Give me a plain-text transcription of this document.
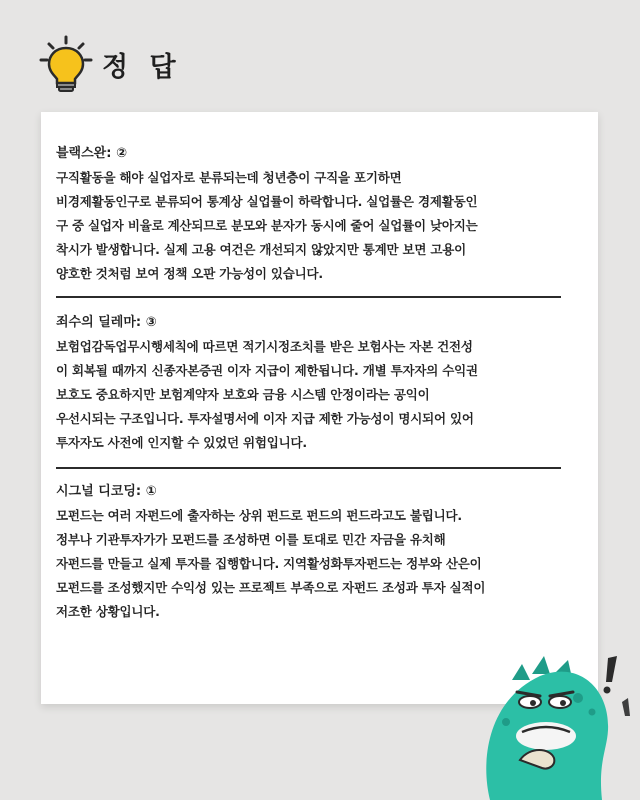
정 답
블랙스완: ②
구직활동을 해야 실업자로 분류되는데 청년층이 구직을 포기하면
비경제활동인구로 분류되어 통계상 실업률이 하락합니다. 실업률은 경제활동인
구 중 실업자 비율로 계산되므로 분모와 분자가 동시에 줄어 실업률이 낮아지는
착시가 발생합니다. 실제 고용 여건은 개선되지 않았지만 통계만 보면 고용이
양호한 것처럼 보여 정책 오판 가능성이 있습니다.
죄수의 딜레마: ③
보험업감독업무시행세칙에 따르면 적기시정조치를 받은 보험사는 자본 건전성
이 회복될 때까지 신종자본증권 이자 지급이 제한됩니다. 개별 투자자의 수익권
보호도 중요하지만 보험계약자 보호와 금융 시스템 안정이라는 공익이
우선시되는 구조입니다. 투자설명서에 이자 지급 제한 가능성이 명시되어 있어
투자자도 사전에 인지할 수 있었던 위험입니다.
시그널 디코딩: ①
모펀드는 여러 자펀드에 출자하는 상위 펀드로 펀드의 펀드라고도 불립니다.
정부나 기관투자가가 모펀드를 조성하면 이를 토대로 민간 자금을 유치해
자펀드를 만들고 실제 투자를 집행합니다. 지역활성화투자펀드는 정부와 산은이
모펀드를 조성했지만 수익성 있는 프로젝트 부족으로 자펀드 조성과 투자 실적이
저조한 상황입니다.
